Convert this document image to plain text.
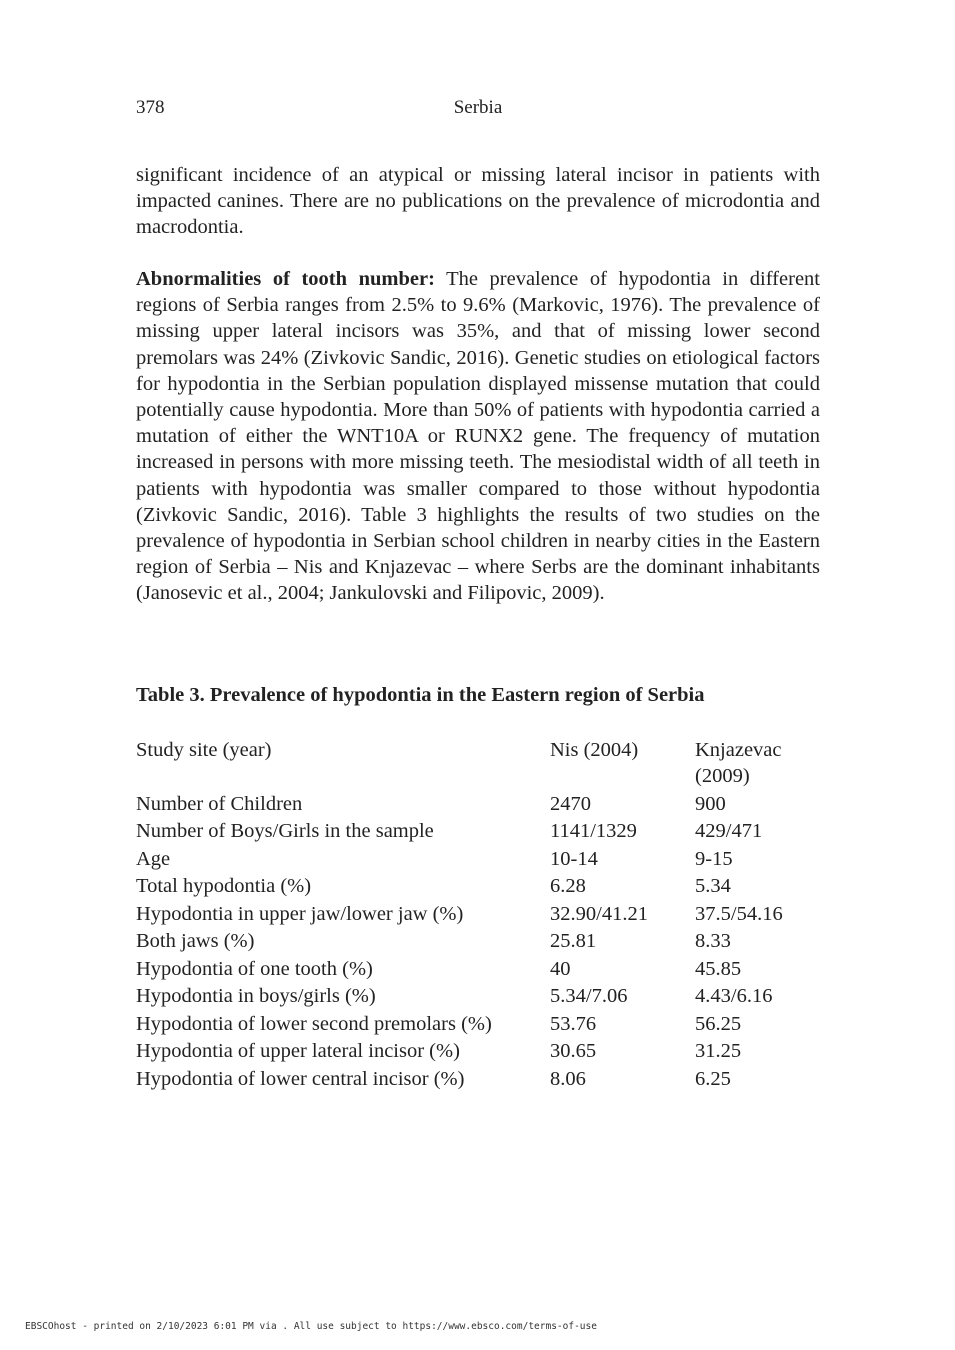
378	Serbia

significant incidence of an atypical or missing lateral incisor in patients with impacted canines. There are no publications on the prevalence of microdontia and macrodontia.

Abnormalities of tooth number: The prevalence of hypodontia in different regions of Serbia ranges from 2.5% to 9.6% (Markovic, 1976). The prevalence of missing upper lateral incisors was 35%, and that of missing lower second premolars was 24% (Zivkovic Sandic, 2016). Genetic studies on etiological factors for hypodontia in the Serbian population displayed missense mutation that could potentially cause hypodontia. More than 50% of patients with hypodontia carried a mutation of either the WNT10A or RUNX2 gene. The frequency of mutation increased in persons with more missing teeth. The mesiodistal width of all teeth in patients with hypodontia was smaller compared to those without hypodontia (Zivkovic Sandic, 2016). Table 3 highlights the results of two studies on the prevalence of hypodontia in Serbian school children in nearby cities in the Eastern region of Serbia – Nis and Knjazevac – where Serbs are the dominant inhabitants (Janosevic et al., 2004; Jankulovski and Filipovic, 2009).

Table 3. Prevalence of hypodontia in the Eastern region of Serbia

Study site (year)	Nis (2004)	Knjazevac (2009)
Number of Children	2470	900
Number of Boys/Girls in the sample	1141/1329	429/471
Age	10-14	9-15
Total hypodontia (%)	6.28	5.34
Hypodontia in upper jaw/lower jaw (%)	32.90/41.21	37.5/54.16
Both jaws (%)	25.81	8.33
Hypodontia of one tooth (%)	40	45.85
Hypodontia in boys/girls (%)	5.34/7.06	4.43/6.16
Hypodontia of lower second premolars (%)	53.76	56.25
Hypodontia of upper lateral incisor (%)	30.65	31.25
Hypodontia of lower central incisor (%)	8.06	6.25
EBSCOhost - printed on 2/10/2023 6:01 PM via . All use subject to https://www.ebsco.com/terms-of-use
